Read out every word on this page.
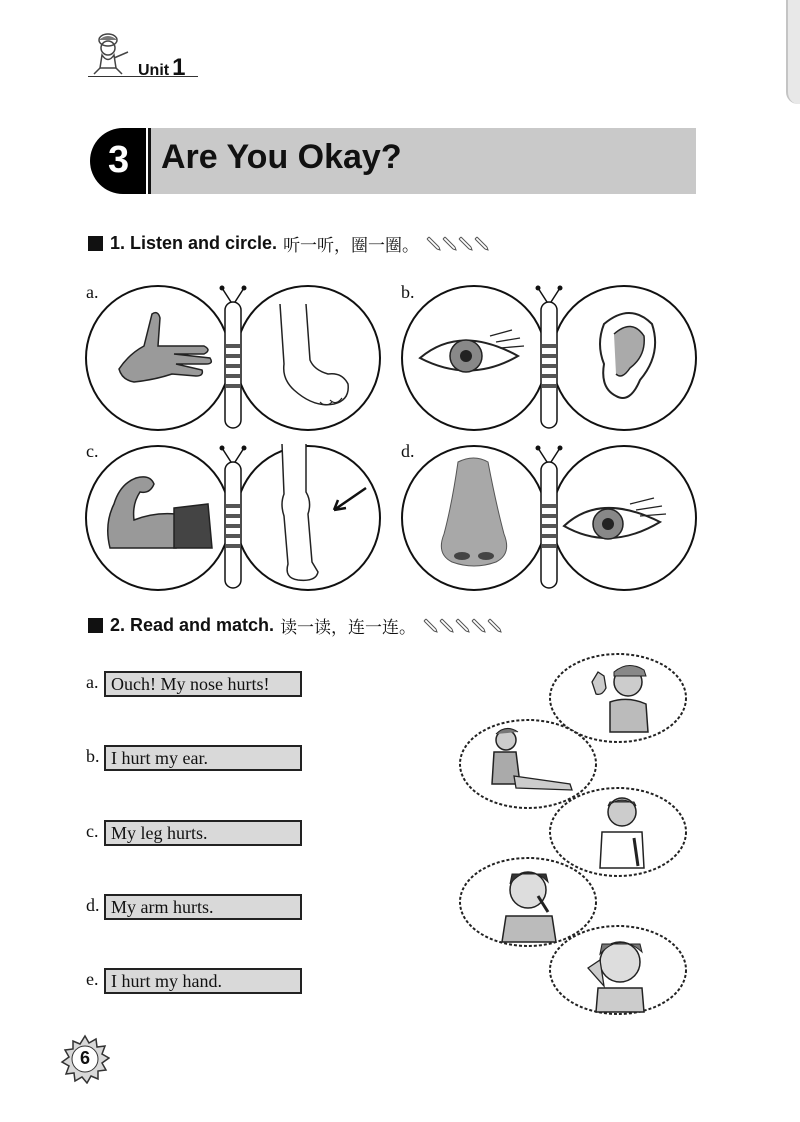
Unit 1
3 Are You Okay?
1. Listen and circle. 听一听，圈一圈。
a.	b.
c.	d.
2. Read and match. 读一读，连一连。
a. Ouch! My nose hurts!
b. I hurt my ear.
c. My leg hurts.
d. My arm hurts.
e. I hurt my hand.
6
